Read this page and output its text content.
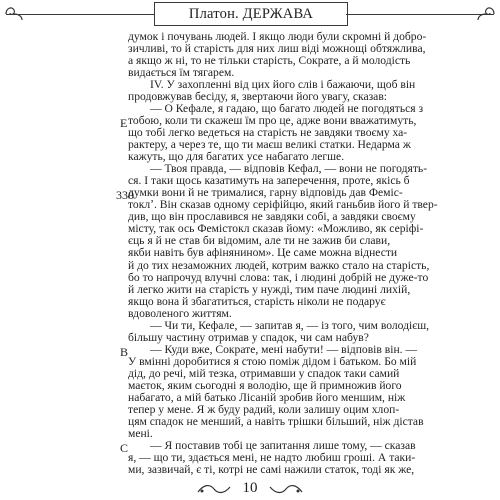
Платон. ДЕРЖАВА
E
330
B
C
10
думок і почувань людей. І якщо люди були скромні й добро-
зичливі, то й старість для них лиш віді можнощі обтяжлива,
а якщо ж ні, то не тільки старість, Сократе, а й молодість
видається їм тягарем.
IV. У захопленні від цих його слів і бажаючи, щоб він
продовжував бесіду, я, звертаючи його увагу, сказав:
— О Кефале, я гадаю, що багато людей не погодяться з
тобою, коли ти скажеш їм про це, адже вони вважатимуть,
що тобі легко ведеться на старість не завдяки твоєму ха-
рактеру, а через те, що ти маєш великі статки. Недарма ж
кажуть, що для багатих усе набагато легше.
— Твоя правда, — відповів Кефал, — вони не погодять-
ся. І таки щось казатимуть на заперечення, проте, якісь б
думки вони й не трималися, гарну відповідь дав Феміс-
токлʼ. Він сказав одному серіфійцю, який ганьбив його й твер-
див, що він прославився не завдяки собі, а завдяки своєму
місту, так ось Фемістокл сказав йому: «Можливо, як серіфі-
єць я й не став би відомим, але ти не зажив би слави,
якби навіть був афінянином». Це саме можна віднести
й до тих незаможних людей, котрим важко стало на старість,
бо то напрочуд влучні слова: так, і людині добрій не дуже-то
й легко жити на старість у нужді, тим паче людині лихій,
якщо вона й збагатиться, старість ніколи не подарує
вдоволеного життям.
— Чи ти, Кефале, — запитав я, — із того, чим володієш,
більшу частину отримав у спадок, чи сам набув?
— Куди вже, Сократе, мені набути! — відповів він. —
У вмінні доробитися я стою поміж дідом і батьком. Бо мій
дід, до речі, мій тезка, отримавши у спадок таки самий
маєток, яким сьогодні я володію, ще й примножив його
набагато, а мій батько Лісаній зробив його меншим, ніж
тепер у мене. Я ж буду радий, коли залишу оцим хлоп-
цям спадок не менший, а навіть трішки більший, ніж дістав
мені.
— Я поставив тобі це запитання лише тому, — сказав
я, — що ти, здається мені, не надто любиш гроші. А таки-
ми, зазвичай, є ті, котрі не самі нажили статок, тоді як же,
